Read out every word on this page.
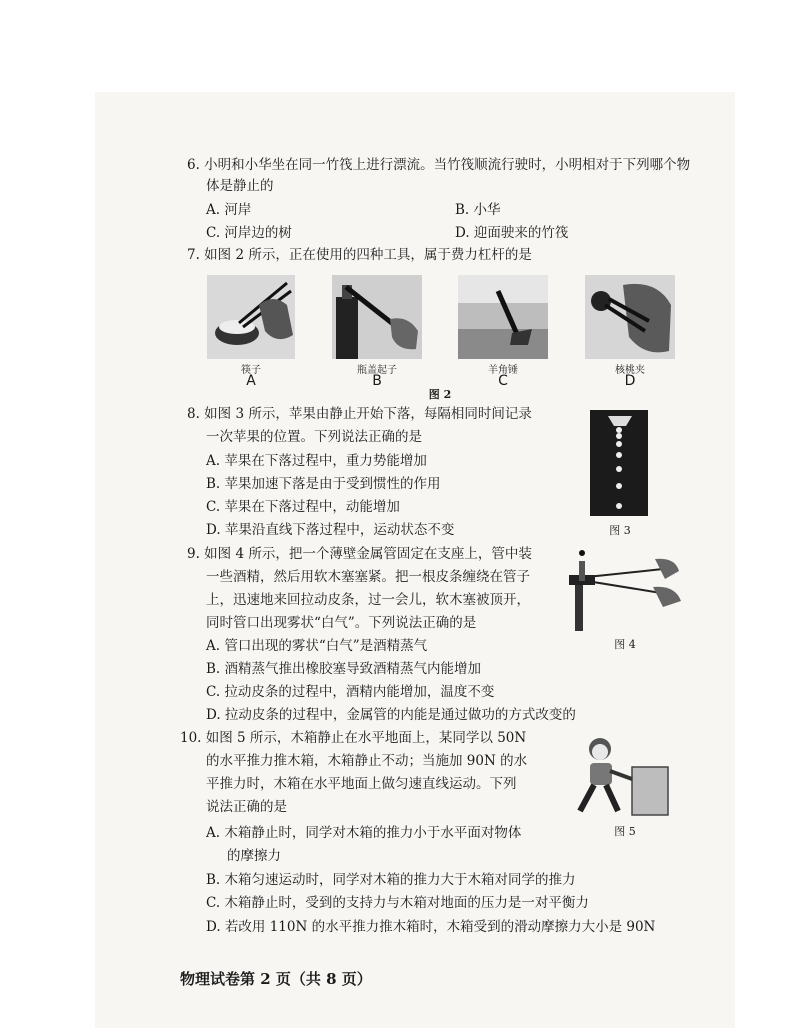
6. 小明和小华坐在同一竹筏上进行漂流。当竹筏顺流行驶时，小明相对于下列哪个物
体是静止的
A. 河岸	B. 小华
C. 河岸边的树	D. 迎面驶来的竹筏
7. 如图 2 所示，正在使用的四种工具，属于费力杠杆的是
筷子
A
瓶盖起子
B
羊角锤
C
核桃夹
D
图 2
8. 如图 3 所示，苹果由静止开始下落，每隔相同时间记录
一次苹果的位置。下列说法正确的是
A. 苹果在下落过程中，重力势能增加
B. 苹果加速下落是由于受到惯性的作用
C. 苹果在下落过程中，动能增加
D. 苹果沿直线下落过程中，运动状态不变	图 3
9. 如图 4 所示，把一个薄壁金属管固定在支座上，管中装
一些酒精，然后用软木塞塞紧。把一根皮条缠绕在管子
上，迅速地来回拉动皮条，过一会儿，软木塞被顶开，
同时管口出现雾状“白气”。下列说法正确的是
A. 管口出现的雾状“白气”是酒精蒸气
B. 酒精蒸气推出橡胶塞导致酒精蒸气内能增加
C. 拉动皮条的过程中，酒精内能增加，温度不变
D. 拉动皮条的过程中，金属管的内能是通过做功的方式改变的
图 4
10. 如图 5 所示，木箱静止在水平地面上，某同学以 50N
的水平推力推木箱，木箱静止不动；当施加 90N 的水
平推力时，木箱在水平地面上做匀速直线运动。下列
说法正确的是
A. 木箱静止时，同学对木箱的推力小于水平面对物体
的摩擦力
B. 木箱匀速运动时，同学对木箱的推力大于木箱对同学的推力
C. 木箱静止时，受到的支持力与木箱对地面的压力是一对平衡力
D. 若改用 110N 的水平推力推木箱时，木箱受到的滑动摩擦力大小是 90N
图 5
物理试卷第 2 页（共 8 页）
